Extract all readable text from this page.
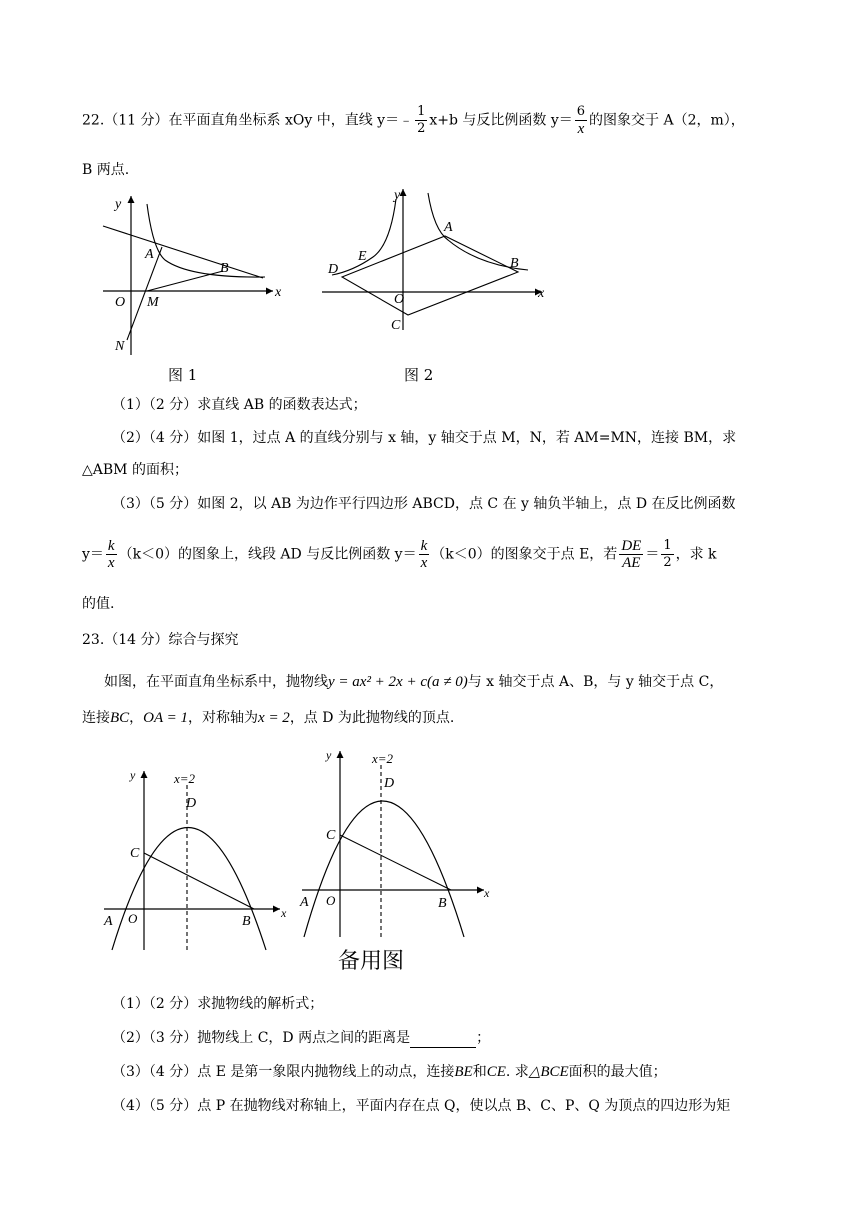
22.（11 分）在平面直角坐标系 xOy 中，直线 y＝﹣ $\frac{1}{2} x+b$ 与反比例函数 $y= \frac{6}{x}$ 的图象交于 A（2，m），
B 两点.
y
x
A
B
O M
N
图 1
y
x
A
B
O
C
D
E
图 2
（1）（2 分）求直线 AB 的函数表达式；
（2）（4 分）如图 1，过点 A 的直线分别与 x 轴，y 轴交于点 M，N，若 AM=MN，连接 BM，求
△ABM 的面积；
（3）（5 分）如图 2，以 AB 为边作平行四边形 ABCD，点 C 在 y 轴负半轴上，点 D 在反比例函数
$y= \frac{k}{x} (k<0)$的图象上，线段 AD 与反比例函数 $y= \frac{k}{x} (k<0)$的图象交于点 E，若 $\frac{DE}{AE} = \frac{1}{2}$ ，求 k
的值.
23.（14 分）综合与探究
如图，在平面直角坐标系中，抛物线y = ax² + 2x + c(a ≠ 0)与 x 轴交于点 A、B，与 y 轴交于点 C，
连接BC，OA = 1，对称轴为x = 2，点 D 为此抛物线的顶点.
y	x=2
D
C
A O	B
x
y	x=2
D
C
A O	B
x
备用图
（1）（2 分）求抛物线的解析式；
（2）（3 分）抛物线上 C，D 两点之间的距离是	；
（3）（4 分）点 E 是第一象限内抛物线上的动点，连接BE和CE. 求△BCE面积的最大值；
（4）（5 分）点 P 在抛物线对称轴上，平面内存在点 Q，使以点 B、C、P、Q 为顶点的四边形为矩
